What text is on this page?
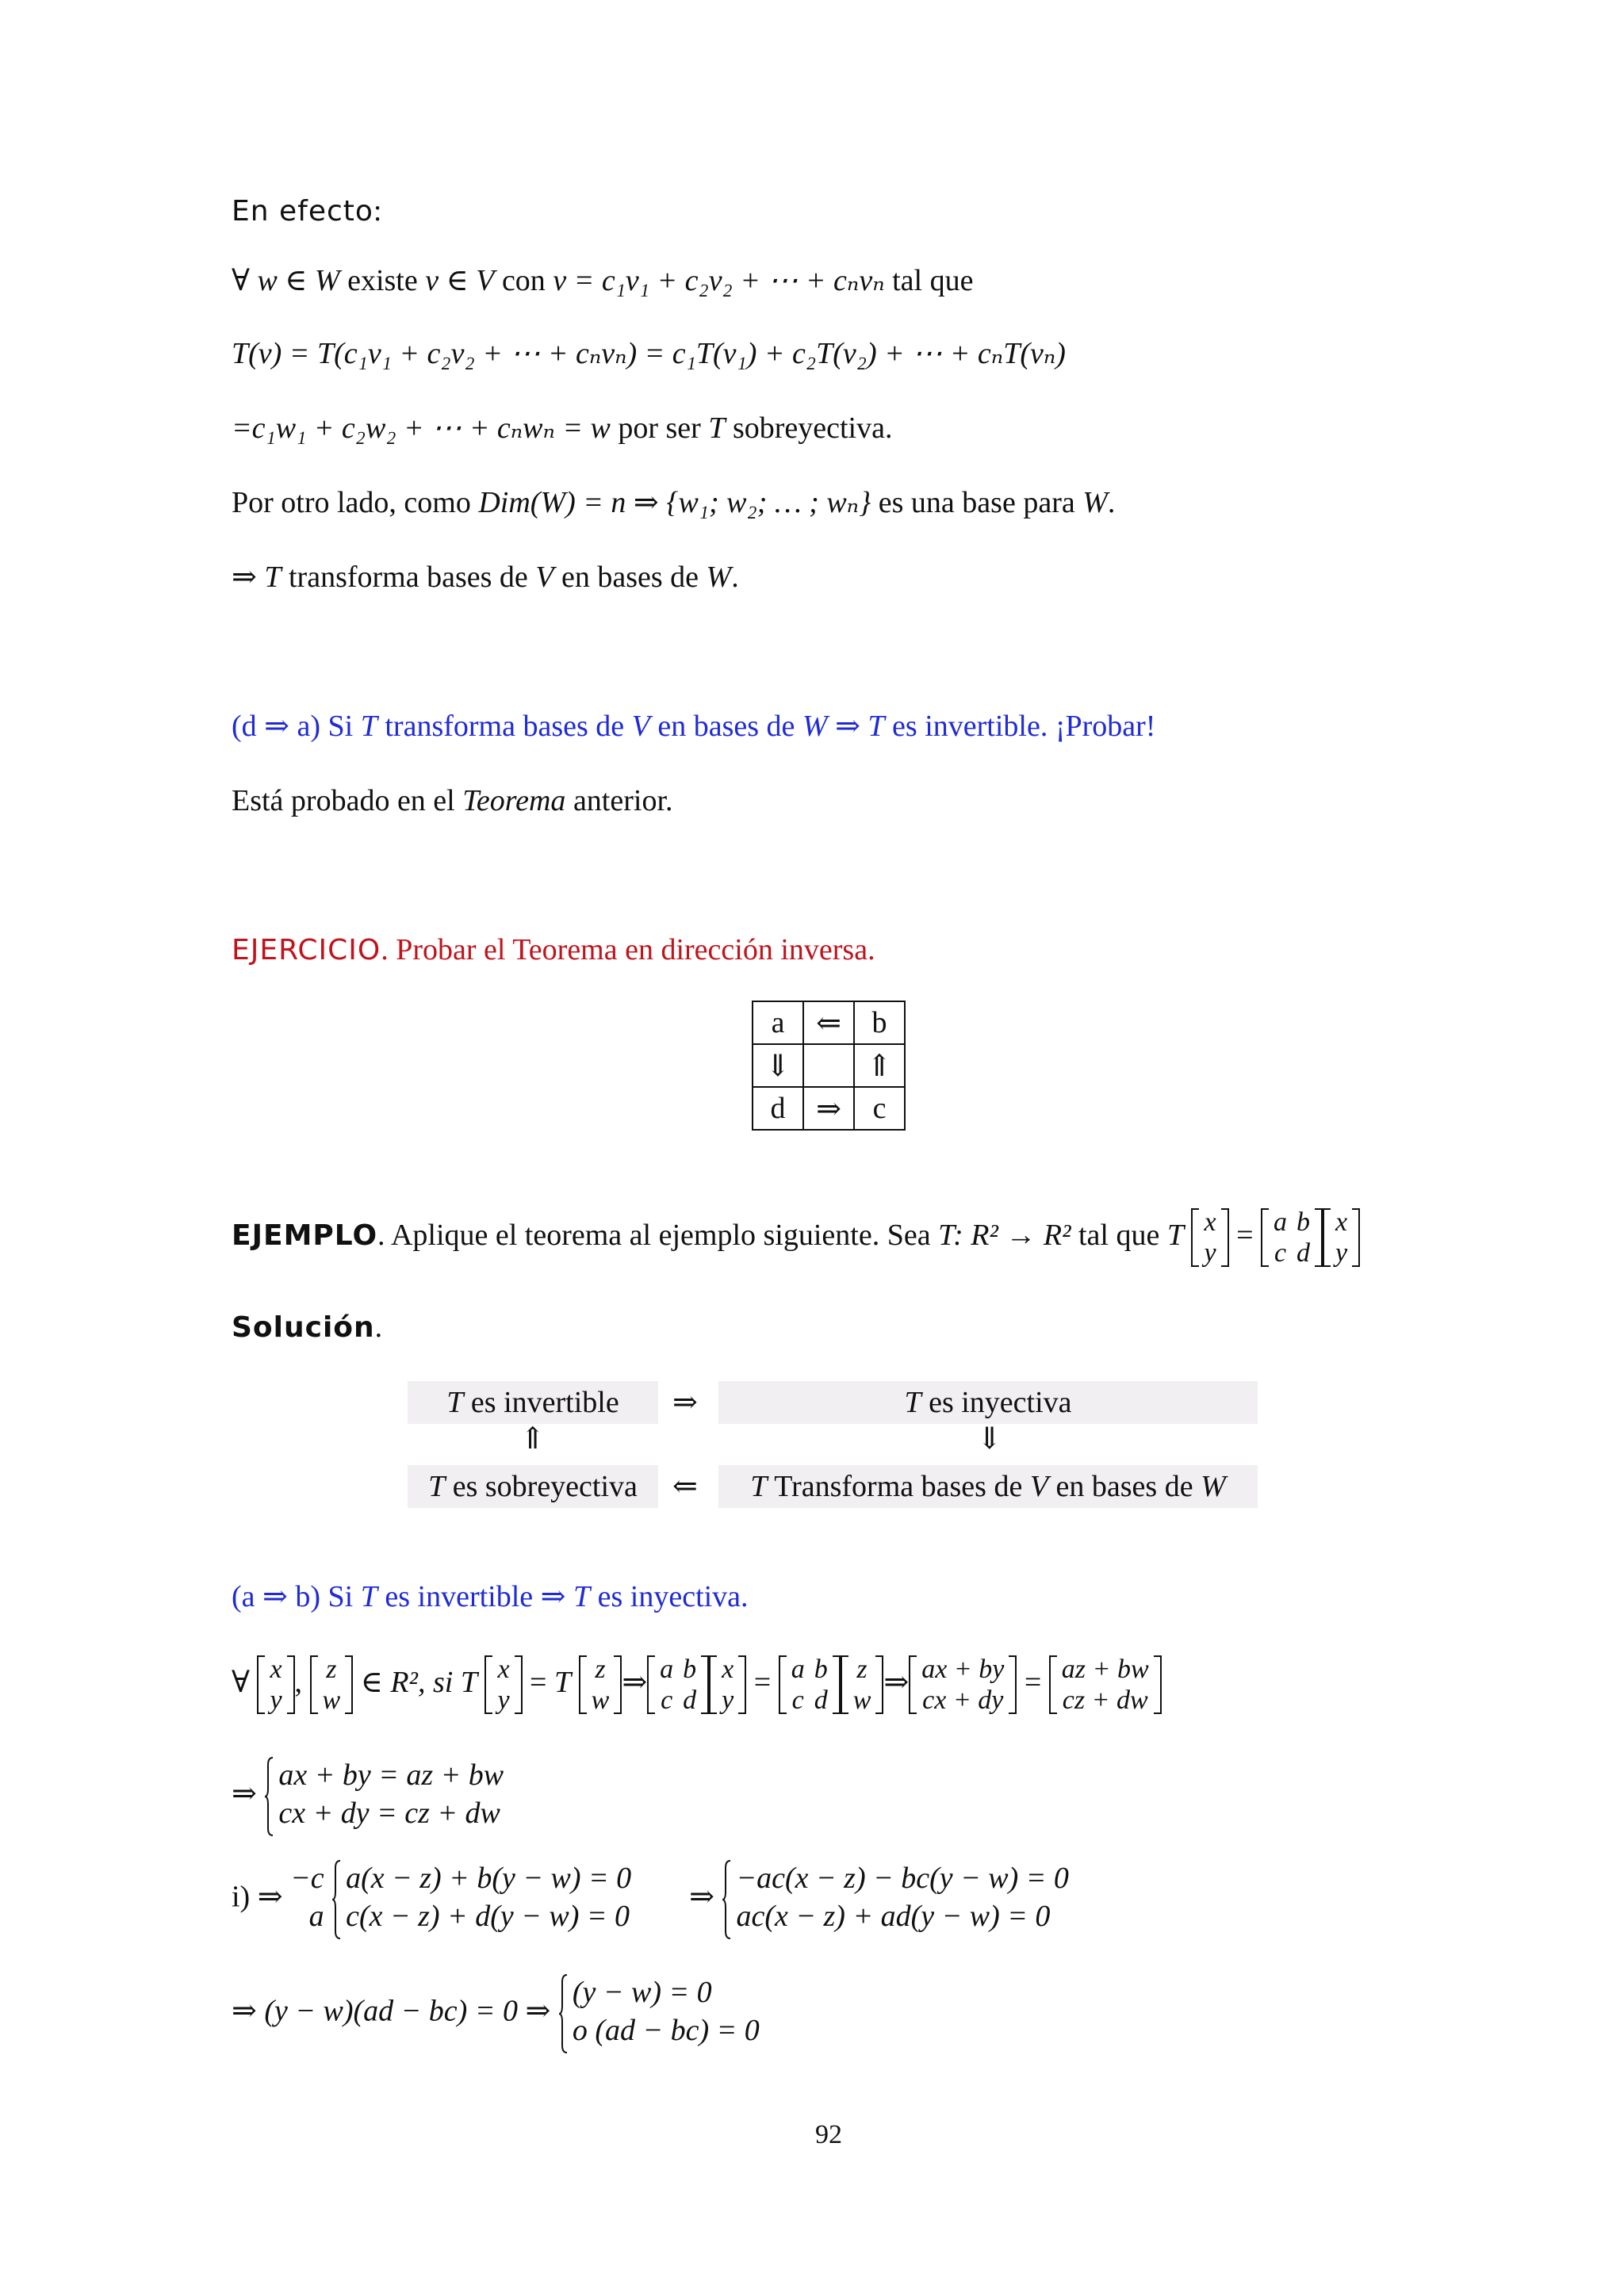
En efecto:
∀ w ∈ W existe v ∈ V con v = c₁v₁ + c₂v₂ + ⋯ + cₙvₙ tal que
T(v) = T(c₁v₁ + c₂v₂ + ⋯ + cₙvₙ) = c₁T(v₁) + c₂T(v₂) + ⋯ + cₙT(vₙ)
=c₁w₁ + c₂w₂ + ⋯ + cₙwₙ = w por ser T sobreyectiva.
Por otro lado, como Dim(W) = n ⇒ {w₁; w₂; … ; wₙ} es una base para W.
⇒ T transforma bases de V en bases de W.
(d ⇒ a) Si T transforma bases de V en bases de W ⇒ T es invertible. ¡Probar!
Está probado en el Teorema anterior.
EJERCICIO. Probar el Teorema en dirección inversa.
a	⇐	b
⇓		⇑
d	⇒	c
EJEMPLO. Aplique el teorema al ejemplo siguiente. Sea T: R² → R² tal que T x
y
= a	b
c	d
x
y
Solución.
T es invertible	⇒	T es inyectiva
⇑	⇓
T es sobreyectiva	⇐	T Transforma bases de V en bases de W
(a ⇒ b) Si T es invertible ⇒ T es inyectiva.
∀ x
y
, z
w
∈ R², si T x
y
= T z
w
⇒ a	b
c	d
x
y
= a	b
c	d
z
w
⇒ ax + by
cx + dy
= az + bw
cz + dw
⇒
ax + by = az + bw
cx + dy = cz + dw
i) ⇒
−c
a

a(x − z) + b(y − w) = 0
c(x − z) + d(y − w) = 0
⇒
−ac(x − z) − bc(y − w) = 0
ac(x − z) + ad(y − w) = 0
⇒ (y − w)(ad − bc) = 0 ⇒
(y − w) = 0
o (ad − bc) = 0
92
